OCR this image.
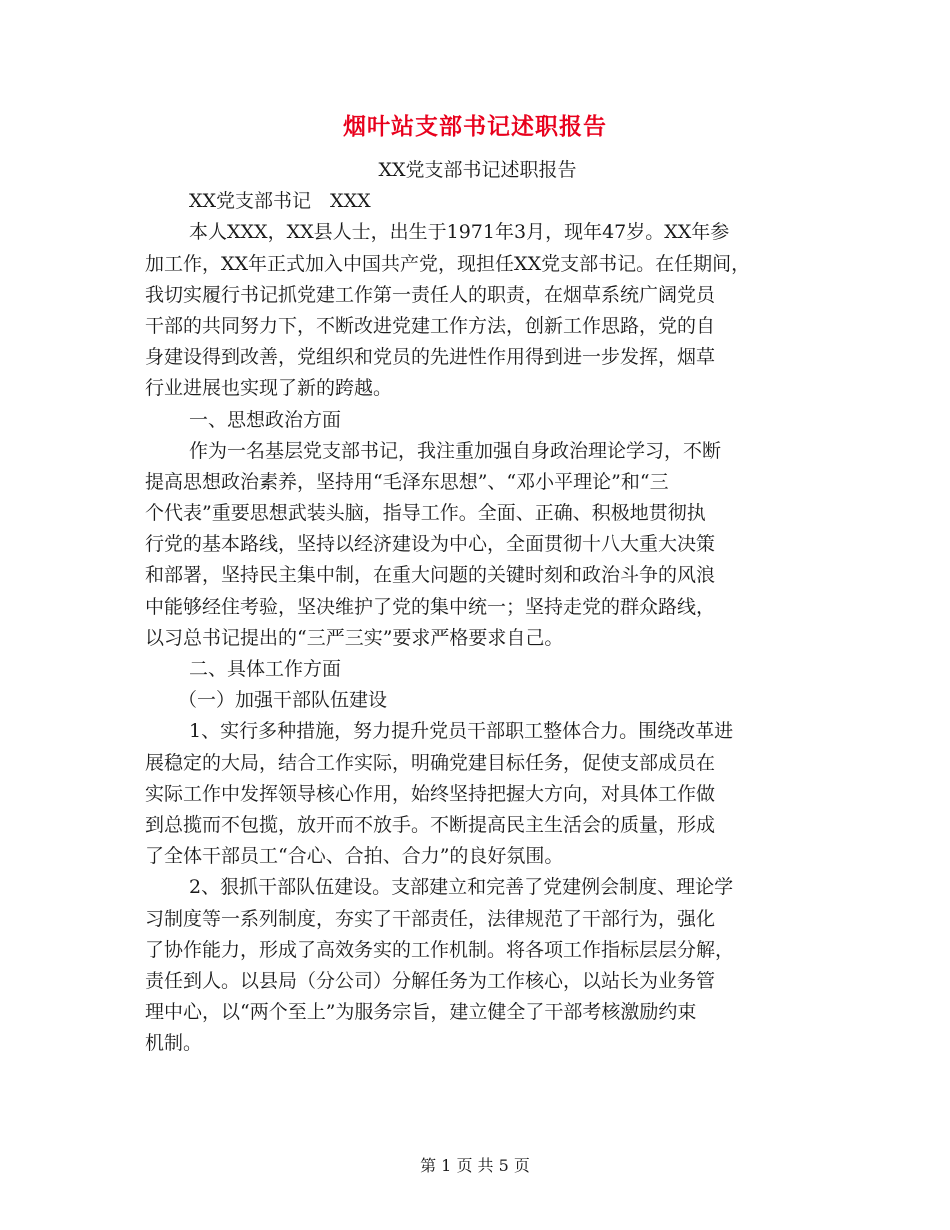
烟叶站支部书记述职报告
XX党支部书记述职报告
XX党支部书记　XXX
本人XXX，XX县人士，出生于1971年3月，现年47岁。XX年参
加工作，XX年正式加入中国共产党，现担任XX党支部书记。在任期间，
我切实履行书记抓党建工作第一责任人的职责，在烟草系统广阔党员
干部的共同努力下，不断改进党建工作方法，创新工作思路，党的自
身建设得到改善，党组织和党员的先进性作用得到进一步发挥，烟草
行业进展也实现了新的跨越。
一、思想政治方面
作为一名基层党支部书记，我注重加强自身政治理论学习，不断
提高思想政治素养，坚持用“毛泽东思想”、“邓小平理论”和“三
个代表”重要思想武装头脑，指导工作。全面、正确、积极地贯彻执
行党的基本路线，坚持以经济建设为中心，全面贯彻十八大重大决策
和部署，坚持民主集中制，在重大问题的关键时刻和政治斗争的风浪
中能够经住考验，坚决维护了党的集中统一；坚持走党的群众路线，
以习总书记提出的“三严三实”要求严格要求自己。
二、具体工作方面
（一）加强干部队伍建设
1、实行多种措施，努力提升党员干部职工整体合力。围绕改革进
展稳定的大局，结合工作实际，明确党建目标任务，促使支部成员在
实际工作中发挥领导核心作用，始终坚持把握大方向，对具体工作做
到总揽而不包揽，放开而不放手。不断提高民主生活会的质量，形成
了全体干部员工“合心、合拍、合力”的良好氛围。
2、狠抓干部队伍建设。支部建立和完善了党建例会制度、理论学
习制度等一系列制度，夯实了干部责任，法律规范了干部行为，强化
了协作能力，形成了高效务实的工作机制。将各项工作指标层层分解，
责任到人。以县局（分公司）分解任务为工作核心，以站长为业务管
理中心，以“两个至上”为服务宗旨，建立健全了干部考核激励约束
机制。
第 1 页 共 5 页
